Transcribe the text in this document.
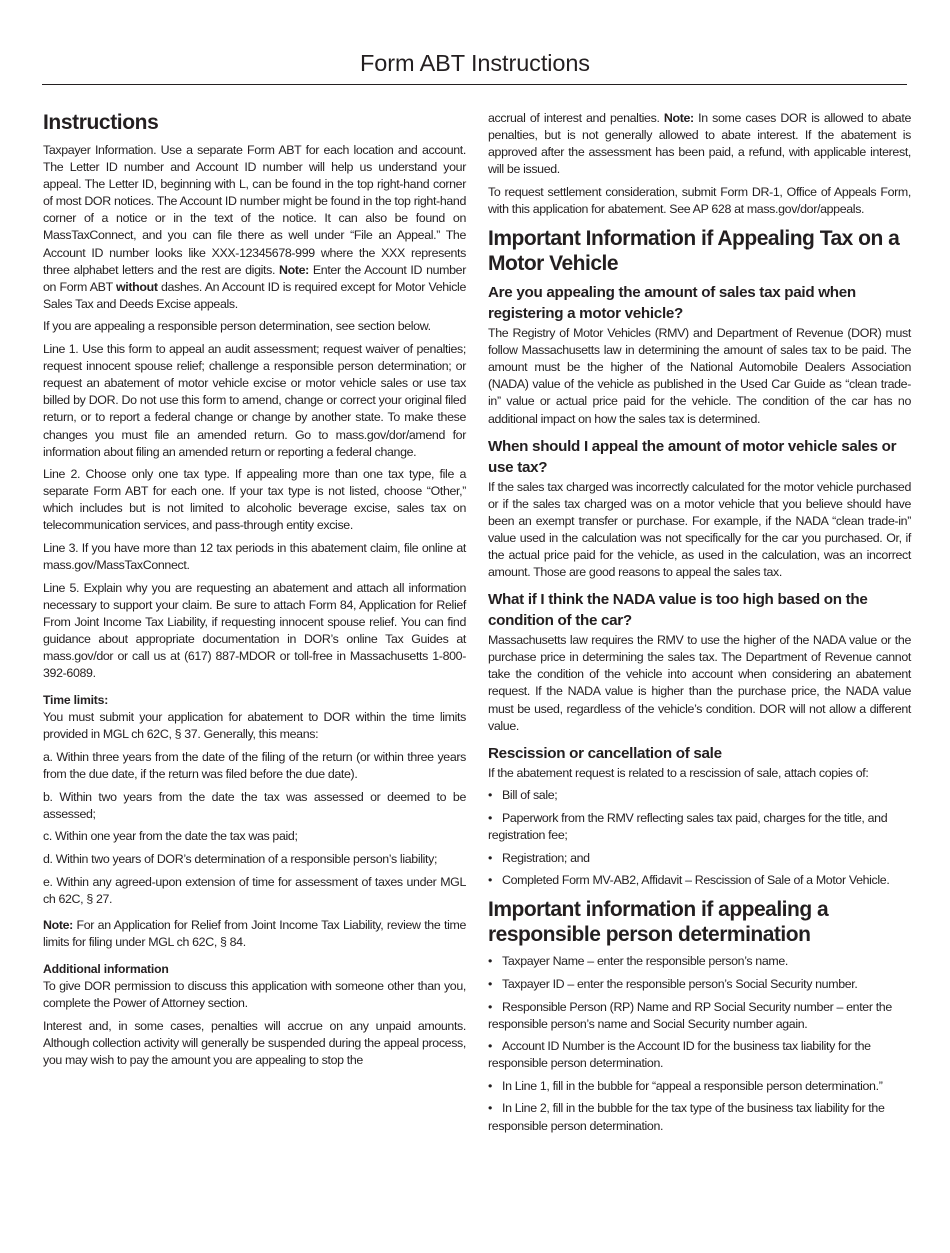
Form ABT Instructions
Instructions

Taxpayer Information. Use a separate Form ABT for each location and account. The Letter ID number and Account ID number will help us understand your appeal. The Letter ID, beginning with L, can be found in the top right-hand corner of most DOR notices. The Account ID number might be found in the top right-hand corner of a notice or in the text of the notice. It can also be found on MassTaxConnect, and you can file there as well under “File an Appeal.” The Account ID number looks like XXX-12345678-999 where the XXX represents three alphabet letters and the rest are digits. Note: Enter the Account ID number on Form ABT without dashes. An Account ID is required except for Motor Vehicle Sales Tax and Deeds Excise appeals.

If you are appealing a responsible person determination, see section below.

Line 1. Use this form to appeal an audit assessment; request waiver of penalties; request innocent spouse relief; challenge a responsible person determination; or request an abatement of motor vehicle excise or motor vehicle sales or use tax billed by DOR. Do not use this form to amend, change or correct your original filed return, or to report a federal change or change by another state. To make these changes you must file an amended return. Go to mass.gov/dor/amend for information about filing an amended return or reporting a federal change.

Line 2. Choose only one tax type. If appealing more than one tax type, file a separate Form ABT for each one. If your tax type is not listed, choose “Other,” which includes but is not limited to alcoholic beverage excise, sales tax on telecommunication services, and pass-through entity excise.

Line 3. If you have more than 12 tax periods in this abatement claim, file online at mass.gov/MassTaxConnect.

Line 5. Explain why you are requesting an abatement and attach all information necessary to support your claim. Be sure to attach Form 84, Application for Relief From Joint Income Tax Liability, if requesting innocent spouse relief. You can find guidance about appropriate documentation in DOR’s online Tax Guides at mass.gov/dor or call us at (617) 887-MDOR or toll-free in Massachusetts 1-800-392-6089.

Time limits:

You must submit your application for abatement to DOR within the time limits provided in MGL ch 62C, § 37. Generally, this means:

a. Within three years from the date of the filing of the return (or within three years from the due date, if the return was filed before the due date).

b. Within two years from the date the tax was assessed or deemed to be assessed;

c. Within one year from the date the tax was paid;

d. Within two years of DOR’s determination of a responsible person’s liability;

e. Within any agreed-upon extension of time for assessment of taxes under MGL ch 62C, § 27.

Note: For an Application for Relief from Joint Income Tax Liability, review the time limits for filing under MGL ch 62C, § 84.

Additional information

To give DOR permission to discuss this application with someone other than you, complete the Power of Attorney section.

Interest and, in some cases, penalties will accrue on any unpaid amounts. Although collection activity will generally be suspended during the appeal process, you may wish to pay the amount you are appealing to stop the

accrual of interest and penalties. Note: In some cases DOR is allowed to abate penalties, but is not generally allowed to abate interest. If the abatement is approved after the assessment has been paid, a refund, with applicable interest, will be issued.

To request settlement consideration, submit Form DR-1, Office of Appeals Form, with this application for abatement. See AP 628 at mass.gov/dor/appeals.

Important Information if Appealing Tax on a Motor Vehicle
Are you appealing the amount of sales tax paid when registering a motor vehicle?

The Registry of Motor Vehicles (RMV) and Department of Revenue (DOR) must follow Massachusetts law in determining the amount of sales tax to be paid. The amount must be the higher of the National Automobile Dealers Association (NADA) value of the vehicle as published in the Used Car Guide as “clean trade-in” value or actual price paid for the vehicle. The condition of the car has no additional impact on how the sales tax is determined.

When should I appeal the amount of motor vehicle sales or use tax?

If the sales tax charged was incorrectly calculated for the motor vehicle purchased or if the sales tax charged was on a motor vehicle that you believe should have been an exempt transfer or purchase. For example, if the NADA “clean trade-in” value used in the calculation was not specifically for the car you purchased. Or, if the actual price paid for the vehicle, as used in the calculation, was an incorrect amount. Those are good reasons to appeal the sales tax.

What if I think the NADA value is too high based on the condition of the car?

Massachusetts law requires the RMV to use the higher of the NADA value or the purchase price in determining the sales tax. The Department of Revenue cannot take the condition of the vehicle into account when considering an abatement request. If the NADA value is higher than the purchase price, the NADA value must be used, regardless of the vehicle’s condition. DOR will not allow a different value.

Rescission or cancellation of sale

If the abatement request is related to a rescission of sale, attach copies of:

• Bill of sale;

• Paperwork from the RMV reflecting sales tax paid, charges for the title, and registration fee;

• Registration; and

• Completed Form MV-AB2, Affidavit – Rescission of Sale of a Motor Vehicle.

Important information if appealing a responsible person determination

• Taxpayer Name – enter the responsible person’s name.

• Taxpayer ID – enter the responsible person’s Social Security number.

• Responsible Person (RP) Name and RP Social Security number – enter the responsible person’s name and Social Security number again.

• Account ID Number is the Account ID for the business tax liability for the responsible person determination.

• In Line 1, fill in the bubble for “appeal a responsible person determination.”

• In Line 2, fill in the bubble for the tax type of the business tax liability for the responsible person determination.
